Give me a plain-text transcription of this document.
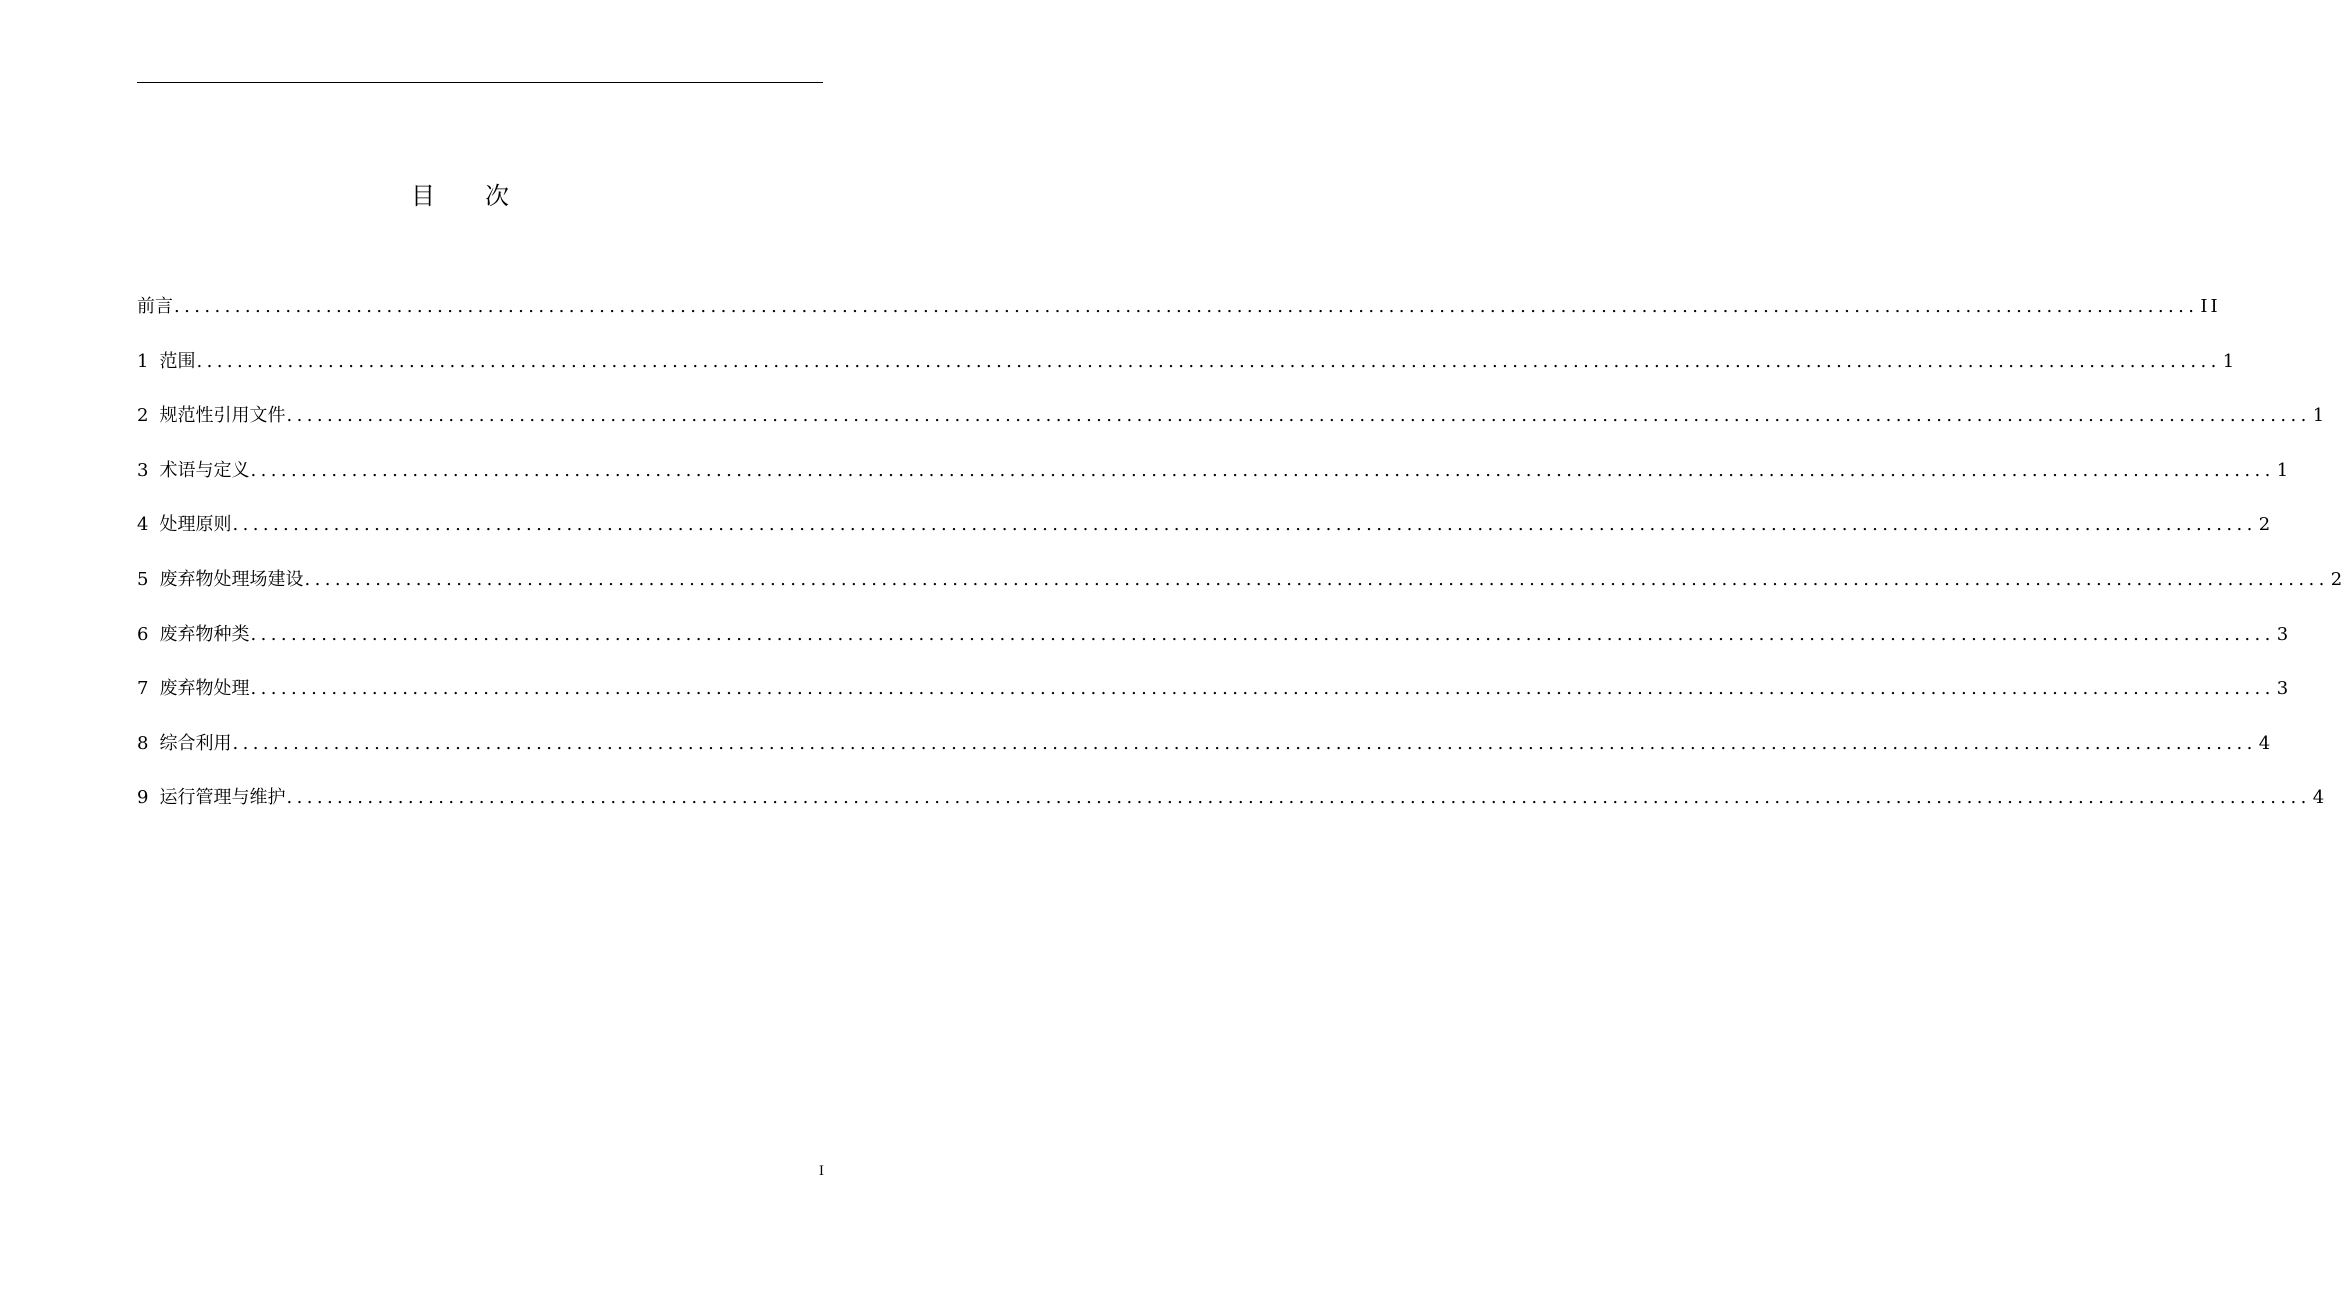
目 次
前言 ........................................................................................................................................................................................................ II
1 范围 ........................................................................................................................................................................................................ 1
2 规范性引用文件 ........................................................................................................................................................................................................ 1
3 术语与定义 ........................................................................................................................................................................................................ 1
4 处理原则 ........................................................................................................................................................................................................ 2
5 废弃物处理场建设 ........................................................................................................................................................................................................ 2
6 废弃物种类 ........................................................................................................................................................................................................ 3
7 废弃物处理 ........................................................................................................................................................................................................ 3
8 综合利用 ........................................................................................................................................................................................................ 4
9 运行管理与维护 ........................................................................................................................................................................................................ 4
I
